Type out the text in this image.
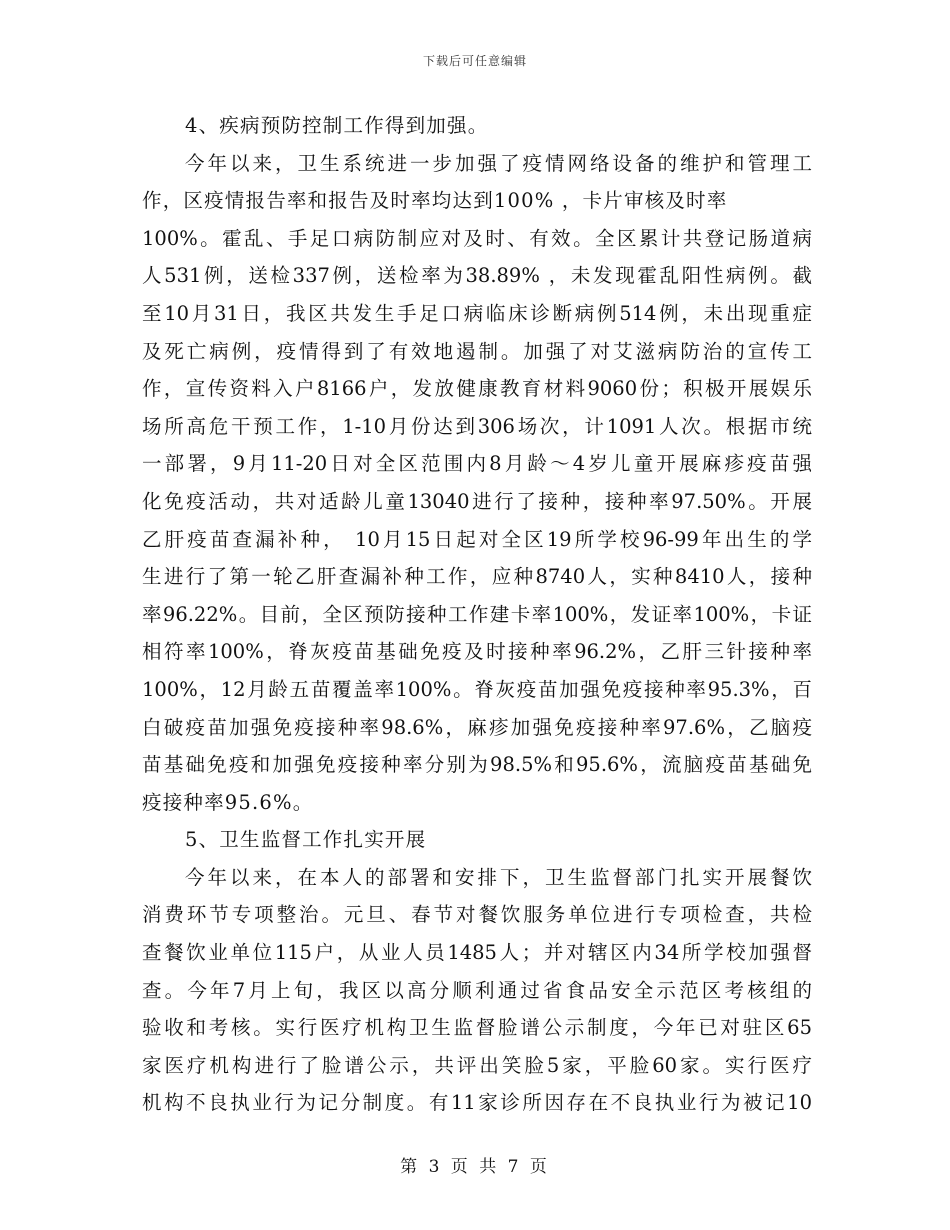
下载后可任意编辑
4、疾病预防控制工作得到加强。
今年以来，卫生系统进一步加强了疫情网络设备的维护和管理工
作，区疫情报告率和报告及时率均达到100% ，卡片审核及时率
100%。霍乱、手足口病防制应对及时、有效。全区累计共登记肠道病
人531例，送检337例，送检率为38.89% ，未发现霍乱阳性病例。截
至10月31日，我区共发生手足口病临床诊断病例514例，未出现重症
及死亡病例，疫情得到了有效地遏制。加强了对艾滋病防治的宣传工
作，宣传资料入户8166户，发放健康教育材料9060份；积极开展娱乐
场所高危干预工作，1-10月份达到306场次，计1091人次。根据市统
一部署，9月11-20日对全区范围内8月龄～4岁儿童开展麻疹疫苗强
化免疫活动，共对适龄儿童13040进行了接种，接种率97.50%。开展
乙肝疫苗查漏补种， 10月15日起对全区19所学校96-99年出生的学
生进行了第一轮乙肝查漏补种工作，应种8740人，实种8410人，接种
率96.22%。目前，全区预防接种工作建卡率100%，发证率100%，卡证
相符率100%，脊灰疫苗基础免疫及时接种率96.2%，乙肝三针接种率
100%，12月龄五苗覆盖率100%。脊灰疫苗加强免疫接种率95.3%，百
白破疫苗加强免疫接种率98.6%，麻疹加强免疫接种率97.6%，乙脑疫
苗基础免疫和加强免疫接种率分别为98.5%和95.6%，流脑疫苗基础免
疫接种率95.6%。
5、卫生监督工作扎实开展
今年以来，在本人的部署和安排下，卫生监督部门扎实开展餐饮
消费环节专项整治。元旦、春节对餐饮服务单位进行专项检查，共检
查餐饮业单位115户，从业人员1485人；并对辖区内34所学校加强督
查。今年7月上旬，我区以高分顺利通过省食品安全示范区考核组的
验收和考核。实行医疗机构卫生监督脸谱公示制度，今年已对驻区65
家医疗机构进行了脸谱公示，共评出笑脸5家，平脸60家。实行医疗
机构不良执业行为记分制度。有11家诊所因存在不良执业行为被记10
第 3 页 共 7 页
